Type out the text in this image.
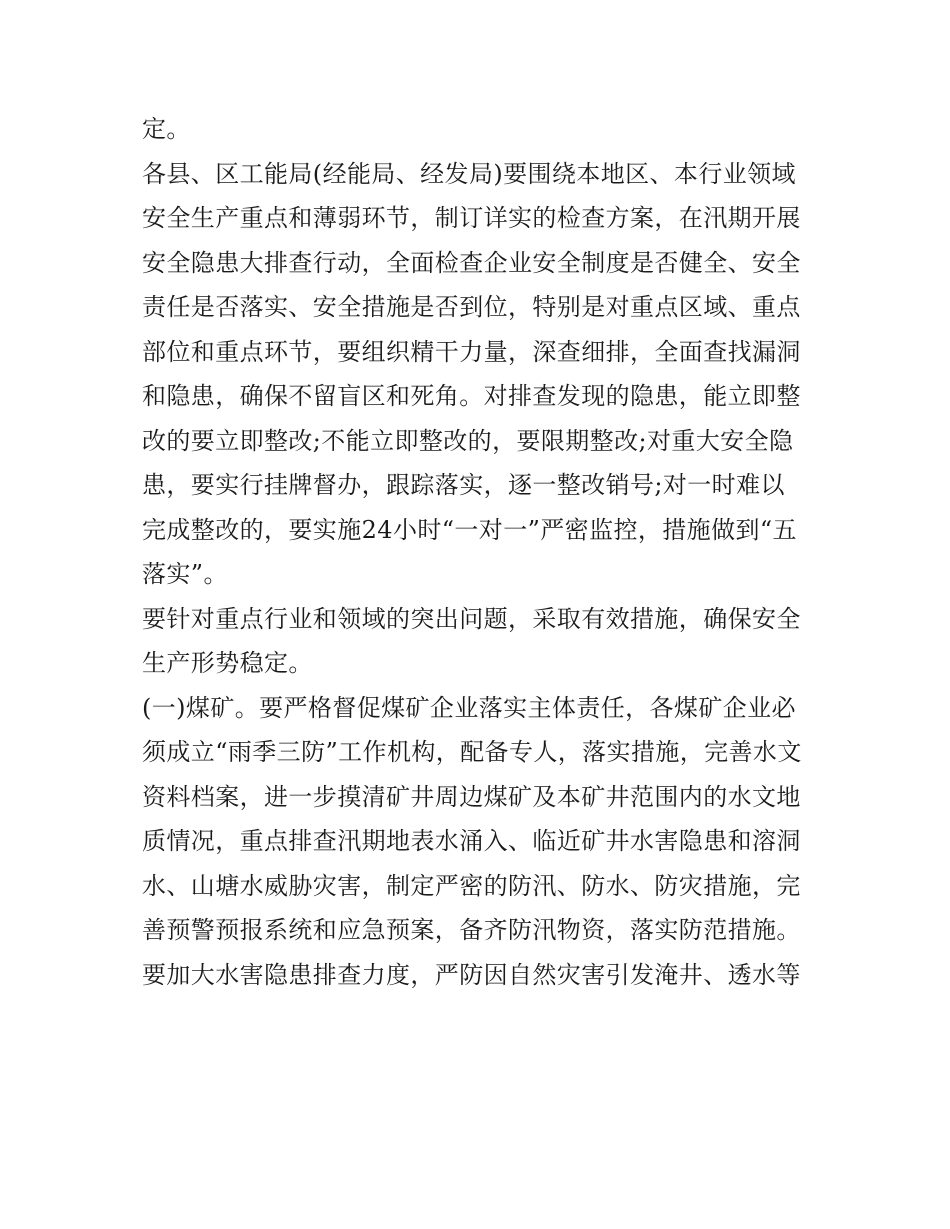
定。
各县、区工能局(经能局、经发局)要围绕本地区、本行业领域
安全生产重点和薄弱环节，制订详实的检查方案，在汛期开展
安全隐患大排查行动，全面检查企业安全制度是否健全、安全
责任是否落实、安全措施是否到位，特别是对重点区域、重点
部位和重点环节，要组织精干力量，深查细排，全面查找漏洞
和隐患，确保不留盲区和死角。对排查发现的隐患，能立即整
改的要立即整改;不能立即整改的，要限期整改;对重大安全隐
患，要实行挂牌督办，跟踪落实，逐一整改销号;对一时难以
完成整改的，要实施24小时“一对一”严密监控，措施做到“五
落实”。
要针对重点行业和领域的突出问题，采取有效措施，确保安全
生产形势稳定。
(一)煤矿。要严格督促煤矿企业落实主体责任，各煤矿企业必
须成立“雨季三防”工作机构，配备专人，落实措施，完善水文
资料档案，进一步摸清矿井周边煤矿及本矿井范围内的水文地
质情况，重点排查汛期地表水涌入、临近矿井水害隐患和溶洞
水、山塘水威胁灾害，制定严密的防汛、防水、防灾措施，完
善预警预报系统和应急预案，备齐防汛物资，落实防范措施。
要加大水害隐患排查力度，严防因自然灾害引发淹井、透水等
